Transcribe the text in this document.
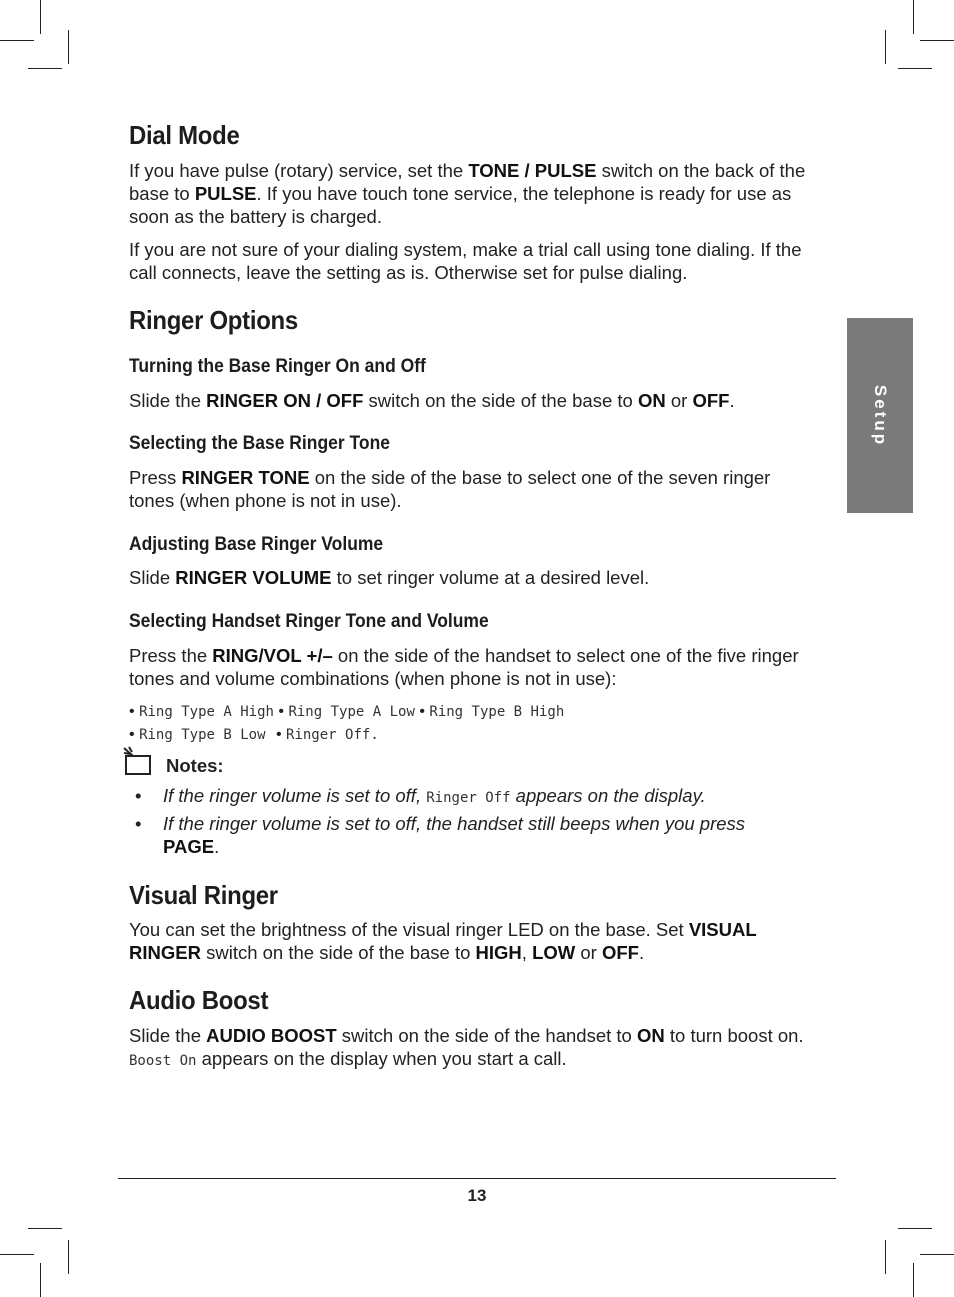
Setup
Dial Mode

If you have pulse (rotary) service, set the TONE / PULSE switch on the back of the base to PULSE. If you have touch tone service, the telephone is ready for use as soon as the battery is charged.

If you are not sure of your dialing system, make a trial call using tone dialing. If the call connects, leave the setting as is. Otherwise set for pulse dialing.

Ringer Options
Turning the Base Ringer On and Off

Slide the RINGER ON / OFF switch on the side of the base to ON or OFF.

Selecting the Base Ringer Tone

Press RINGER TONE on the side of the base to select one of the seven ringer tones (when phone is not in use).

Adjusting Base Ringer Volume

Slide RINGER VOLUME to set ringer volume at a desired level.

Selecting Handset Ringer Tone and Volume

Press the RING/VOL +/– on the side of the handset to select one of the five ringer tones and volume combinations (when phone is not in use):

• Ring Type A High • Ring Type A Low • Ring Type B High
• Ring Type B Low • Ringer Off.
Notes:
• If the ringer volume is set to off, Ringer Off appears on the display.
• If the ringer volume is set to off, the handset still beeps when you press PAGE.
Visual Ringer

You can set the brightness of the visual ringer LED on the base. Set VISUAL RINGER switch on the side of the base to HIGH, LOW or OFF.

Audio Boost

Slide the AUDIO BOOST switch on the side of the handset to ON to turn boost on. Boost On appears on the display when you start a call.

13
